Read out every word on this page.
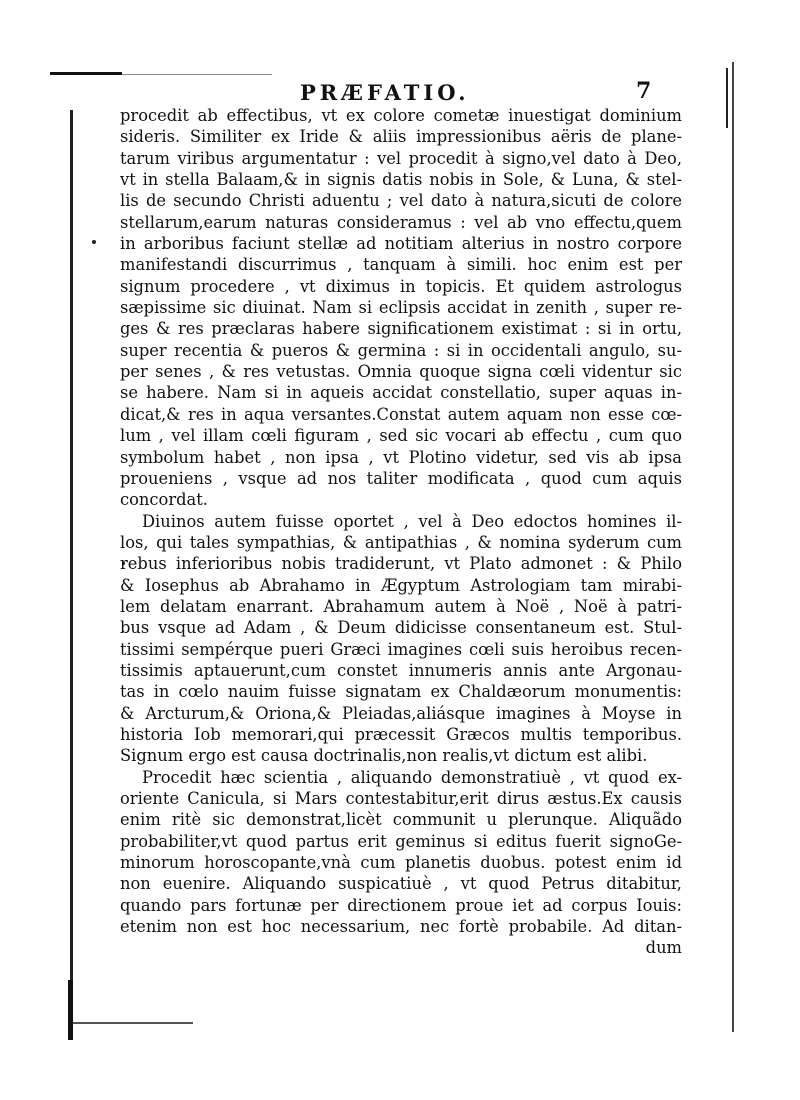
PRÆFATIO.	7
procedit ab effectibus, vt ex colore cometæ inuestigat dominium
sideris. Similiter ex Iride & aliis impressionibus aëris de plane-
tarum viribus argumentatur : vel procedit à signo,vel dato à Deo,
vt in stella Balaam,& in signis datis nobis in Sole, & Luna, & stel-
lis de secundo Christi aduentu ; vel dato à natura,sicuti de colore
stellarum,earum naturas consideramus : vel ab vno effectu,quem
in arboribus faciunt stellæ ad notitiam alterius in nostro corpore
manifestandi discurrimus , tanquam à simili. hoc enim est per
signum procedere , vt diximus in topicis. Et quidem astrologus
sæpissime sic diuinat. Nam si eclipsis accidat in zenith , super re-
ges & res præclaras habere significationem existimat : si in ortu,
super recentia & pueros & germina : si in occidentali angulo, su-
per senes , & res vetustas. Omnia quoque signa cœli videntur sic
se habere. Nam si in aqueis accidat constellatio, super aquas in-
dicat,& res in aqua versantes.Constat autem aquam non esse cœ-
lum , vel illam cœli figuram , sed sic vocari ab effectu , cum quo
symbolum habet , non ipsa , vt Plotino videtur, sed vis ab ipsa
proueniens , vsque ad nos taliter modificata , quod cum aquis
concordat.
Diuinos autem fuisse oportet , vel à Deo edoctos homines il-
los, qui tales sympathias, & antipathias , & nomina syderum cum
rebus inferioribus nobis tradiderunt, vt Plato admonet : & Philo
& Iosephus ab Abrahamo in Ægyptum Astrologiam tam mirabi-
lem delatam enarrant. Abrahamum autem à Noë , Noë à patri-
bus vsque ad Adam , & Deum didicisse consentaneum est. Stul-
tissimi sempérque pueri Græci imagines cœli suis heroibus recen-
tissimis aptauerunt,cum constet innumeris annis ante Argonau-
tas in cœlo nauim fuisse signatam ex Chaldæorum monumentis:
& Arcturum,& Oriona,& Pleiadas,aliásque imagines à Moyse in
historia Iob memorari,qui præcessit Græcos multis temporibus.
Signum ergo est causa doctrinalis,non realis,vt dictum est alibi.
Procedit hæc scientia , aliquando demonstratiuè , vt quod ex-
oriente Canicula, si Mars contestabitur,erit dirus æstus.Ex causis
enim ritè sic demonstrat,licèt communit u plerunque. Aliquãdo
probabiliter,vt quod partus erit geminus si editus fuerit signoGe-
minorum horoscopante,vnà cum planetis duobus. potest enim id
non euenire. Aliquando suspicatiuè , vt quod Petrus ditabitur,
quando pars fortunæ per directionem proue iet ad corpus Iouis:
etenim non est hoc necessarium, nec fortè probabile. Ad ditan-
dum
